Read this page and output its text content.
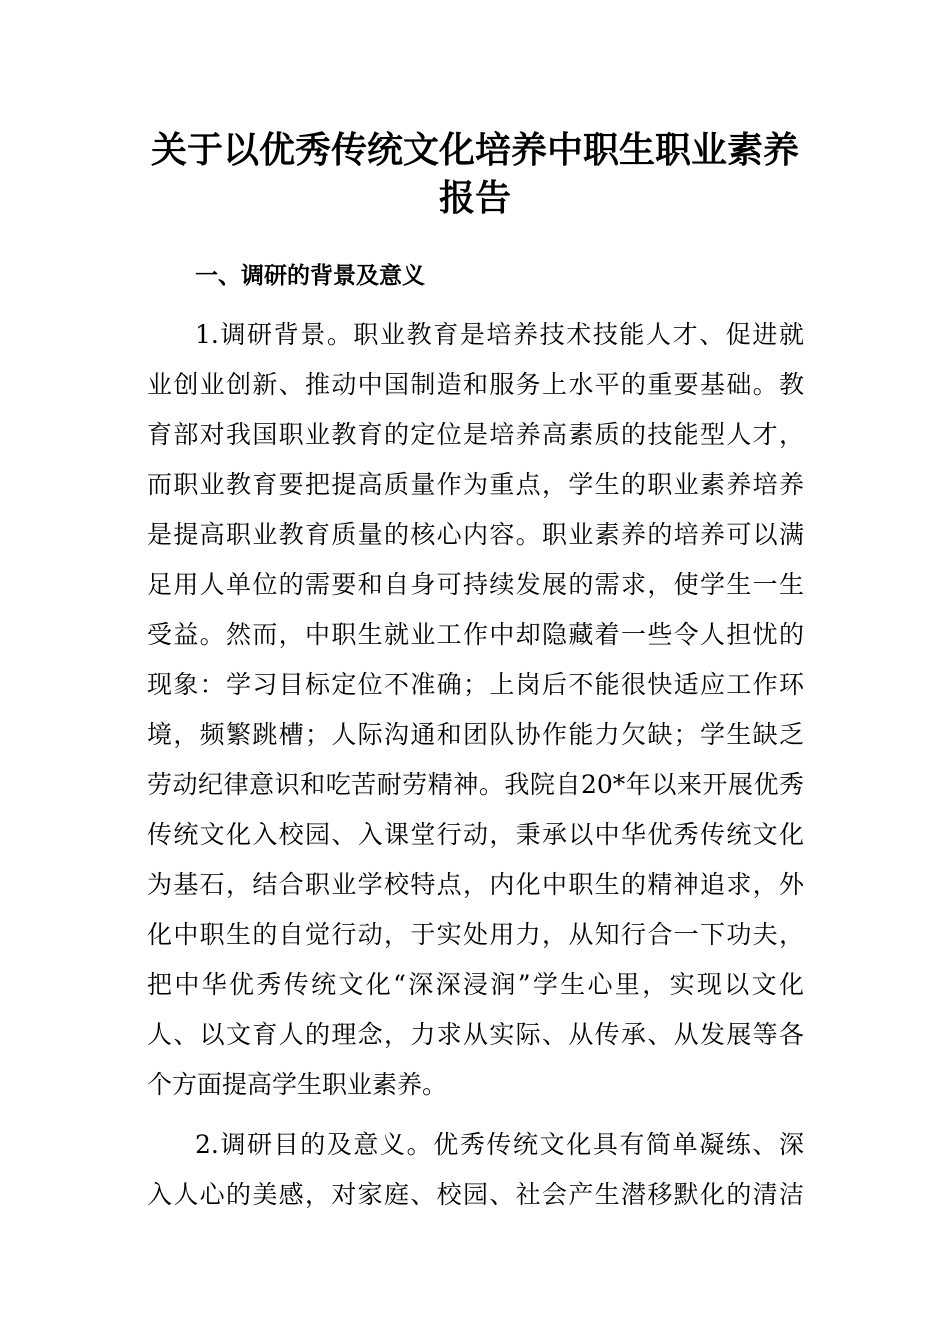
关于以优秀传统文化培养中职生职业素养
报告
一、调研的背景及意义
1.调研背景。职业教育是培养技术技能人才、促进就
业创业创新、推动中国制造和服务上水平的重要基础。教
育部对我国职业教育的定位是培养高素质的技能型人才，
而职业教育要把提高质量作为重点，学生的职业素养培养
是提高职业教育质量的核心内容。职业素养的培养可以满
足用人单位的需要和自身可持续发展的需求，使学生一生
受益。然而，中职生就业工作中却隐藏着一些令人担忧的
现象：学习目标定位不准确；上岗后不能很快适应工作环
境，频繁跳槽；人际沟通和团队协作能力欠缺；学生缺乏
劳动纪律意识和吃苦耐劳精神。我院自20*年以来开展优秀
传统文化入校园、入课堂行动，秉承以中华优秀传统文化
为基石，结合职业学校特点，内化中职生的精神追求，外
化中职生的自觉行动，于实处用力，从知行合一下功夫，
把中华优秀传统文化“深深浸润”学生心里，实现以文化
人、以文育人的理念，力求从实际、从传承、从发展等各
个方面提高学生职业素养。
2.调研目的及意义。优秀传统文化具有简单凝练、深
入人心的美感，对家庭、校园、社会产生潜移默化的清洁
